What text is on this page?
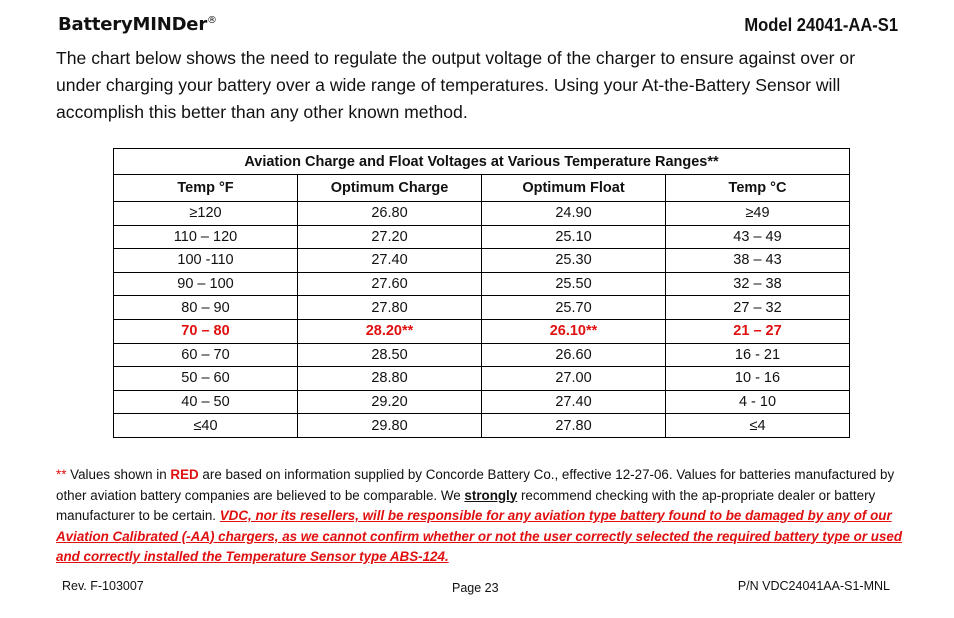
BatteryMINDer®	Model 24041-AA-S1
The chart below shows the need to regulate the output voltage of the charger to ensure against over or under charging your battery over a wide range of temperatures. Using your At-the-Battery Sensor will accomplish this better than any other known method.
Aviation Charge and Float Voltages at Various Temperature Ranges**			
Temp °F	Optimum Charge	Optimum Float	Temp °C
≥120	26.80	24.90	≥49
110 – 120	27.20	25.10	43 – 49
100 -110	27.40	25.30	38 – 43
90 – 100	27.60	25.50	32 – 38
80 – 90	27.80	25.70	27 – 32
70 – 80	28.20**	26.10**	21 – 27
60 – 70	28.50	26.60	16 - 21
50 – 60	28.80	27.00	10 - 16
40 – 50	29.20	27.40	4 - 10
≤40	29.80	27.80	≤4
** Values shown in RED are based on information supplied by Concorde Battery Co., effective 12-27-06. Values for batteries manufactured by other aviation battery companies are believed to be comparable. We strongly recommend checking with the ap-propriate dealer or battery manufacturer to be certain. VDC, nor its resellers, will be responsible for any aviation type battery found to be damaged by any of our Aviation Calibrated (-AA) chargers, as we cannot confirm whether or not the user correctly selected the required battery type or used and correctly installed the Temperature Sensor type ABS-124.
Rev. F-103007	Page 23	P/N VDC24041AA-S1-MNL
